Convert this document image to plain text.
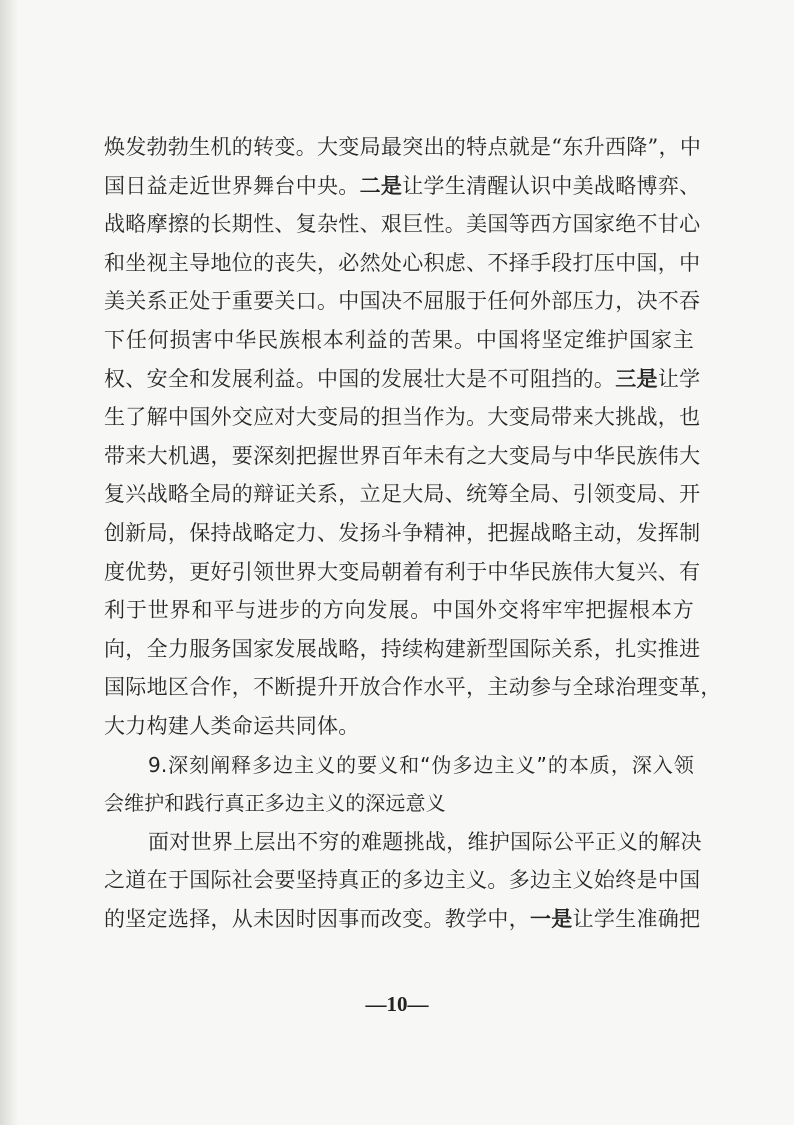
焕发勃勃生机的转变。大变局最突出的特点就是“东升西降”，中
国日益走近世界舞台中央。二是让学生清醒认识中美战略博弈、
战略摩擦的长期性、复杂性、艰巨性。美国等西方国家绝不甘心
和坐视主导地位的丧失，必然处心积虑、不择手段打压中国，中
美关系正处于重要关口。中国决不屈服于任何外部压力，决不吞
下任何损害中华民族根本利益的苦果。中国将坚定维护国家主
权、安全和发展利益。中国的发展壮大是不可阻挡的。三是让学
生了解中国外交应对大变局的担当作为。大变局带来大挑战，也
带来大机遇，要深刻把握世界百年未有之大变局与中华民族伟大
复兴战略全局的辩证关系，立足大局、统筹全局、引领变局、开
创新局，保持战略定力、发扬斗争精神，把握战略主动，发挥制
度优势，更好引领世界大变局朝着有利于中华民族伟大复兴、有
利于世界和平与进步的方向发展。中国外交将牢牢把握根本方
向，全力服务国家发展战略，持续构建新型国际关系，扎实推进
国际地区合作，不断提升开放合作水平，主动参与全球治理变革，
大力构建人类命运共同体。
9.深刻阐释多边主义的要义和“伪多边主义”的本质，深入领
会维护和践行真正多边主义的深远意义
面对世界上层出不穷的难题挑战，维护国际公平正义的解决
之道在于国际社会要坚持真正的多边主义。多边主义始终是中国
的坚定选择，从未因时因事而改变。教学中，一是让学生准确把
—10—
